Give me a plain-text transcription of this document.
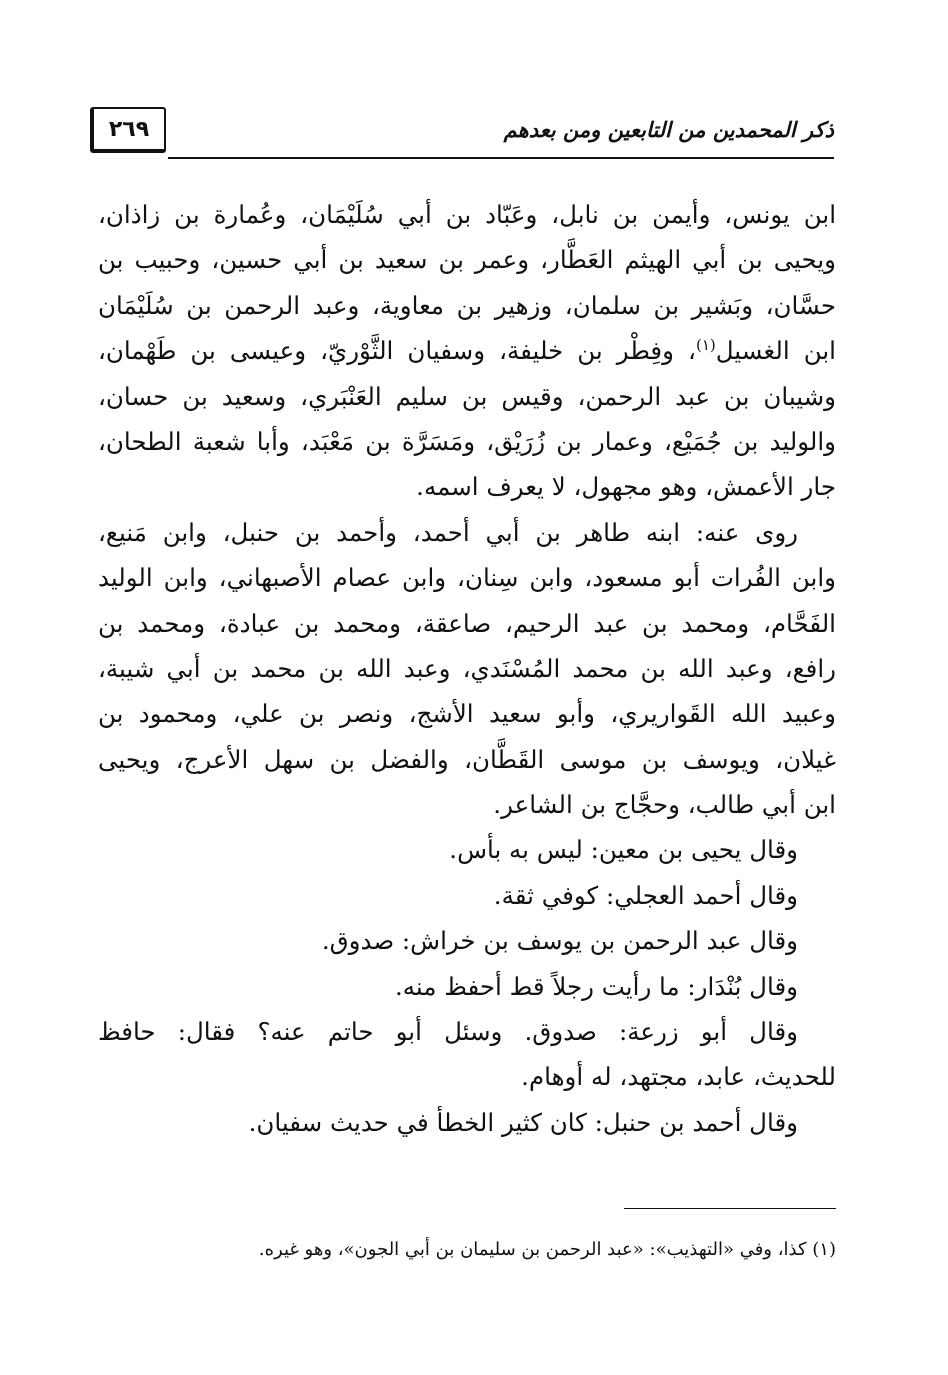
٢٦٩	ذكر المحمدين من التابعين ومن بعدهم
ابن يونس، وأيمن بن نابل، وعَبّاد بن أبي سُلَيْمَان، وعُمارة بن زاذان،
ويحيى بن أبي الهيثم العَطَّار، وعمر بن سعيد بن أبي حسين، وحبيب بن
حسَّان، وبَشير بن سلمان، وزهير بن معاوية، وعبد الرحمن بن سُلَيْمَان
ابن الغسيل$^{(١)}$، وفِطْر بن خليفة، وسفيان الثَّوْريّ، وعيسى بن طَهْمان،
وشيبان بن عبد الرحمن، وقيس بن سليم العَنْبَري، وسعيد بن حسان،
والوليد بن جُمَيْع، وعمار بن زُرَيْق، ومَسَرَّة بن مَعْبَد، وأبا شعبة الطحان،
جار الأعمش، وهو مجهول، لا يعرف اسمه.
روى عنه: ابنه طاهر بن أبي أحمد، وأحمد بن حنبل، وابن مَنيع،
وابن الفُرات أبو مسعود، وابن سِنان، وابن عصام الأصبهاني، وابن الوليد
الفَحَّام، ومحمد بن عبد الرحيم، صاعقة، ومحمد بن عبادة، ومحمد بن
رافع، وعبد الله بن محمد المُسْنَدي، وعبد الله بن محمد بن أبي شيبة،
وعبيد الله القَواريري، وأبو سعيد الأشج، ونصر بن علي، ومحمود بن
غيلان، ويوسف بن موسى القَطَّان، والفضل بن سهل الأعرج، ويحيى
ابن أبي طالب، وحجَّاج بن الشاعر.
وقال يحيى بن معين: ليس به بأس.
وقال أحمد العجلي: كوفي ثقة.
وقال عبد الرحمن بن يوسف بن خراش: صدوق.
وقال بُنْدَار: ما رأيت رجلاً قط أحفظ منه.
وقال أبو زرعة: صدوق. وسئل أبو حاتم عنه؟ فقال: حافظ
للحديث، عابد، مجتهد، له أوهام.
وقال أحمد بن حنبل: كان كثير الخطأ في حديث سفيان.
(١) كذا، وفي «التهذيب»: «عبد الرحمن بن سليمان بن أبي الجون»، وهو غيره.
